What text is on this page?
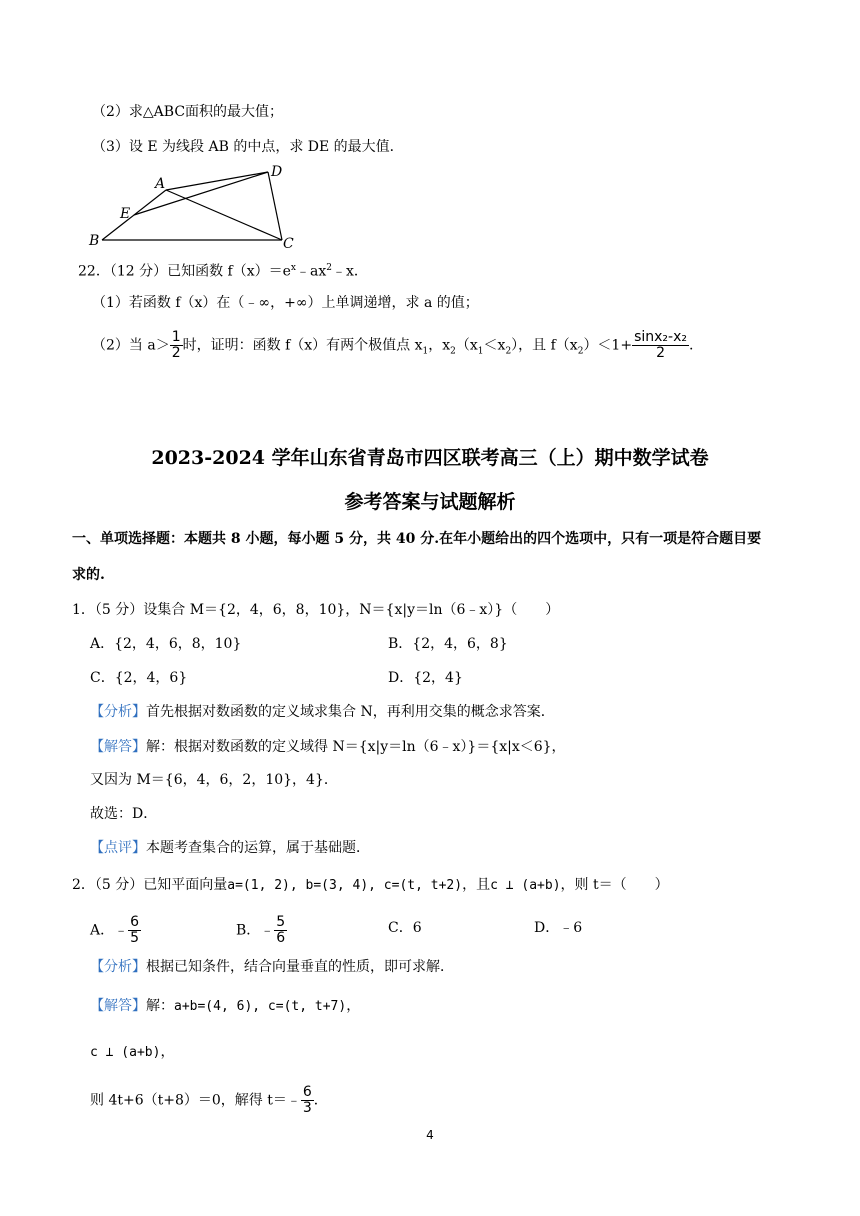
（2）求△ABC面积的最大值；
（3）设 E 为线段 AB 的中点，求 DE 的最大值．
A
D
E
B	C
22．（12 分）已知函数 $f(x)=e^x﹣ax^2﹣x$．
（1）若函数 f（x）在（﹣∞，+∞）上单调递增，求 a 的值；
（2）当 $a> \frac{1}{2}$ 时，证明：函数 f（x）有两个极值点 $x_1$，$x_2(x_1<x_2)$，且 $f(x_2)<1+ \frac{\text{sinx₂-x₂}}{2}$ .
2023-2024 学年山东省青岛市四区联考高三（上）期中数学试卷
参考答案与试题解析
一、单项选择题：本题共 8 小题，每小题 5 分，共 40 分.在年小题给出的四个选项中，只有一项是符合题目要
求的.
1．（5 分）设集合 M＝{2，4，6，8，10}，N＝{x|y＝ln（6﹣x）}（　　）
A．{2，4，6，8，10}	B．{2，4，6，8}
C．{2，4，6}	D．{2，4}
【分析】首先根据对数函数的定义域求集合 N，再利用交集的概念求答案．
【解答】解：根据对数函数的定义域得 N＝{x|y＝ln（6﹣x）}＝{x|x＜6}，
又因为 M＝{6，4，6，2，10}，4}．
故选：D．
【点评】本题考查集合的运算，属于基础题．
2．（5 分）已知平面向量a=(1, 2), b=(3, 4), c=(t, t+2)，且c ⊥ (a+b)，则 t＝（　　）
A．﹣ $\frac{6}{5}$	B．﹣ $\frac{5}{6}$	C．6	D．﹣6
【分析】根据已知条件，结合向量垂直的性质，即可求解．
【解答】解：a+b=(4, 6), c=(t, t+7)，
c ⊥ (a+b)，
则 4t+6（t+8）＝0，解得 t＝﹣ $\frac{6}{3}$ ．
4
